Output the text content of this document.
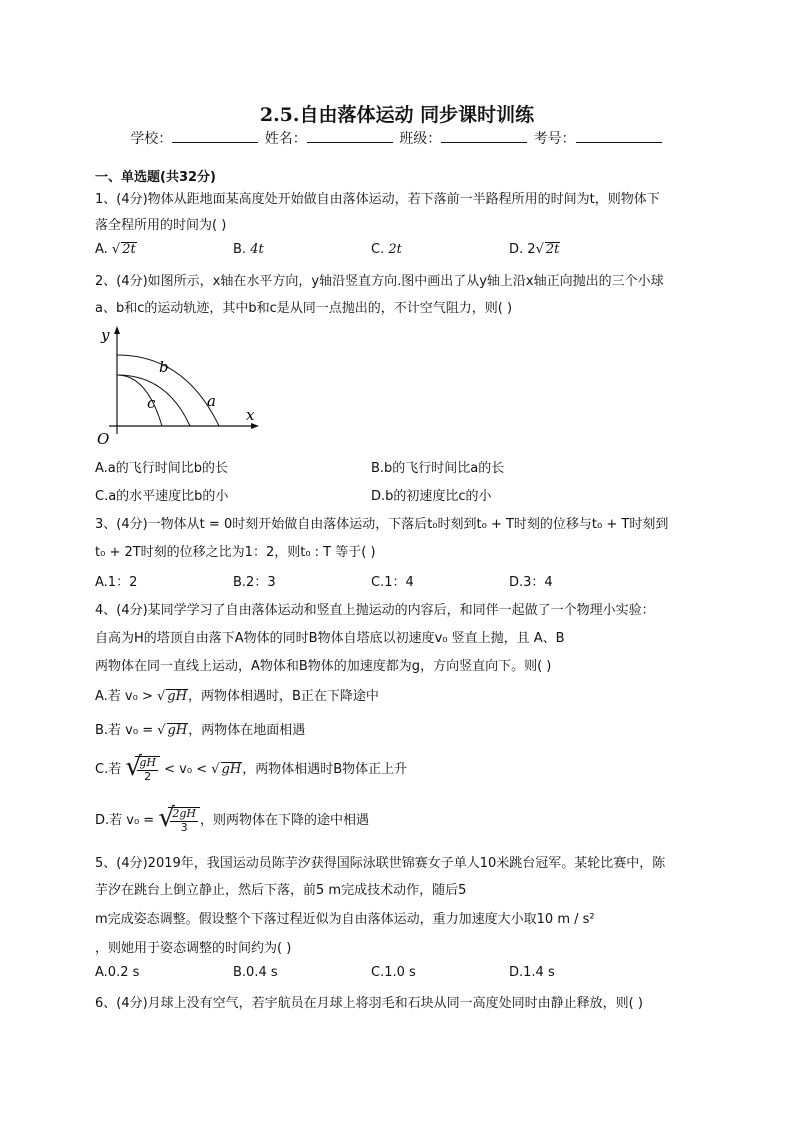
2.5.自由落体运动 同步课时训练
学校：	姓名：	班级：	考号：
一、单选题(共32分)
1、(4分)物体从距地面某高度处开始做自由落体运动，若下落前一半路程所用的时间为t，则物体下
落全程所用的时间为( )
A. √ 2t	B. 4t	C. 2t	D. 2√ 2t
2、(4分)如图所示，x轴在水平方向，y轴沿竖直方向.图中画出了从y轴上沿x轴正向抛出的三个小球
a、b和c的运动轨迹，其中b和c是从同一点抛出的，不计空气阻力，则( )
y
x
O
a
b
c
A.a的飞行时间比b的长	B.b的飞行时间比a的长
C.a的水平速度比b的小	D.b的初速度比c的小
3、(4分)一物体从t = 0时刻开始做自由落体运动，下落后t₀时刻到t₀ + T时刻的位移与t₀ + T时刻到
t₀ + 2T时刻的位移之比为1：2，则t₀ : T 等于( )
A.1：2	B.2：3	C.1：4	D.3：4
4、(4分)某同学学习了自由落体运动和竖直上抛运动的内容后，和同伴一起做了一个物理小实验：
自高为H的塔顶自由落下A物体的同时B物体自塔底以初速度v₀ 竖直上抛，且 A、B
两物体在同一直线上运动，A物体和B物体的加速度都为g，方向竖直向下。则( )
A.若 v₀ > √ gH，两物体相遇时，B正在下降途中
B.若 v₀ = √ gH，两物体在地面相遇
C.若 √
$\frac{gH}{2} < v_0$ < √ gH，两物体相遇时B物体正上升
D.若 v₀ = √
$\frac{2gH}{3}$ ，则两物体在下降的途中相遇
5、(4分)2019年，我国运动员陈芋汐获得国际泳联世锦赛女子单人10米跳台冠军。某轮比赛中，陈
芋汐在跳台上倒立静止，然后下落，前5 m完成技术动作，随后5
m完成姿态调整。假设整个下落过程近似为自由落体运动，重力加速度大小取10 m / s²
，则她用于姿态调整的时间约为( )
A.0.2 s	B.0.4 s	C.1.0 s	D.1.4 s
6、(4分)月球上没有空气，若宇航员在月球上将羽毛和石块从同一高度处同时由静止释放，则( )
